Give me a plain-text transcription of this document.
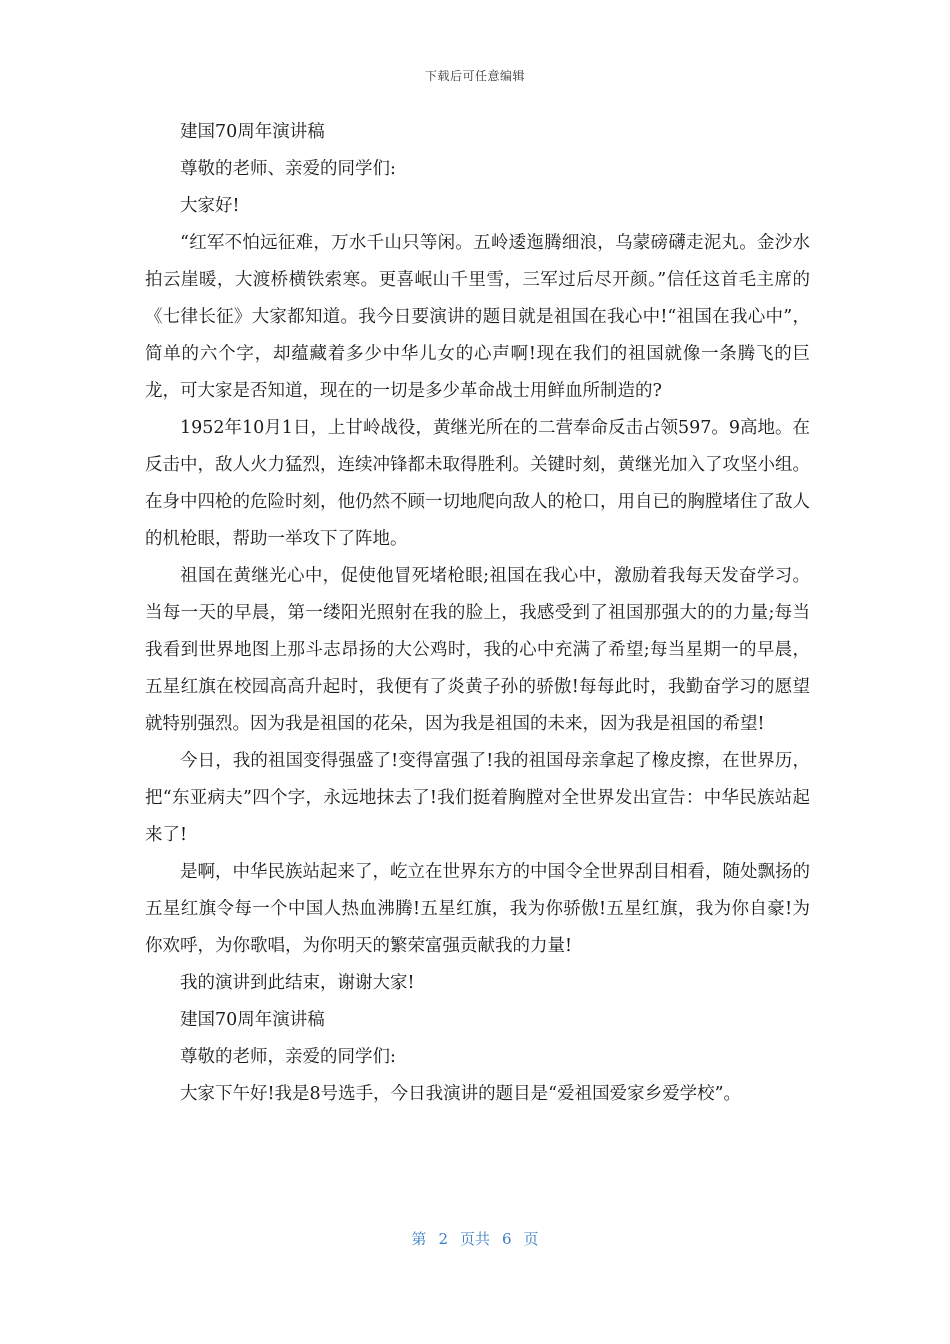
下载后可任意编辑

建国70周年演讲稿

尊敬的老师、亲爱的同学们:

大家好!

“红军不怕远征难，万水千山只等闲。五岭逶迤腾细浪，乌蒙磅礴走泥丸。金沙水拍云崖暖，大渡桥横铁索寒。更喜岷山千里雪，三军过后尽开颜。”信任这首毛主席的《七律长征》大家都知道。我今日要演讲的题目就是祖国在我心中!“祖国在我心中”，简单的六个字，却蕴藏着多少中华儿女的心声啊!现在我们的祖国就像一条腾飞的巨龙，可大家是否知道，现在的一切是多少革命战士用鲜血所制造的?

1952年10月1日，上甘岭战役，黄继光所在的二营奉命反击占领597。9高地。在反击中，敌人火力猛烈，连续冲锋都未取得胜利。关键时刻，黄继光加入了攻坚小组。在身中四枪的危险时刻，他仍然不顾一切地爬向敌人的枪口，用自已的胸膛堵住了敌人的机枪眼，帮助一举攻下了阵地。

祖国在黄继光心中，促使他冒死堵枪眼;祖国在我心中，激励着我每天发奋学习。当每一天的早晨，第一缕阳光照射在我的脸上，我感受到了祖国那强大的的力量;每当我看到世界地图上那斗志昂扬的大公鸡时，我的心中充满了希望;每当星期一的早晨，五星红旗在校园高高升起时，我便有了炎黄子孙的骄傲!每每此时，我勤奋学习的愿望就特别强烈。因为我是祖国的花朵，因为我是祖国的未来，因为我是祖国的希望!

今日，我的祖国变得强盛了!变得富强了!我的祖国母亲拿起了橡皮擦，在世界历，把“东亚病夫”四个字，永远地抹去了!我们挺着胸膛对全世界发出宣告：中华民族站起来了!

是啊，中华民族站起来了，屹立在世界东方的中国令全世界刮目相看，随处飘扬的五星红旗令每一个中国人热血沸腾!五星红旗，我为你骄傲!五星红旗，我为你自豪!为你欢呼，为你歌唱，为你明天的繁荣富强贡献我的力量!

我的演讲到此结束，谢谢大家!

建国70周年演讲稿

尊敬的老师，亲爱的同学们:

大家下午好!我是8号选手，今日我演讲的题目是“爱祖国爱家乡爱学校”。

第 2 页共 6 页
